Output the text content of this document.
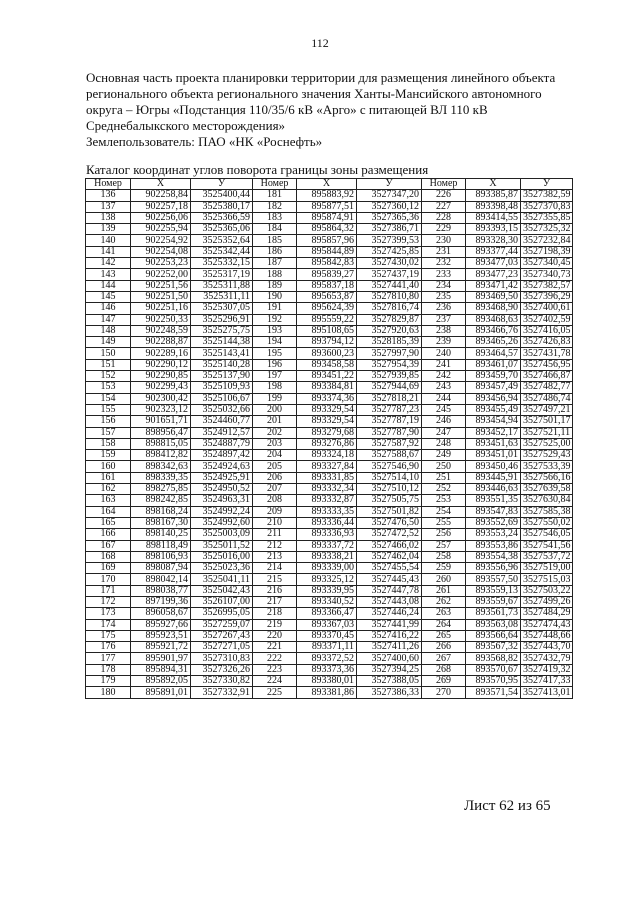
112

Основная часть проекта планировки территории для размещения линейного объекта

регионального объекта регионального значения Ханты-Мансийского автономного

округа – Югры «Подстанция 110/35/6 кВ «Арго» с питающей ВЛ 110 кВ

Среднебалыкского месторождения»

Землепользователь: ПАО «НК «Роснефть»

Каталог координат углов поворота границы зоны размещения
Номер	X	У	Номер	X	У	Номер	X	У
136	902258,84	3525400,44	181	895883,92	3527347,20	226	893385,87	3527382,59
137	902257,18	3525380,17	182	895877,51	3527360,12	227	893398,48	3527370,83
138	902256,06	3525366,59	183	895874,91	3527365,36	228	893414,55	3527355,85
139	902255,94	3525365,06	184	895864,32	3527386,71	229	893393,15	3527325,32
140	902254,92	3525352,64	185	895857,96	3527399,53	230	893328,30	3527232,84
141	902254,08	3525342,44	186	895844,89	3527425,85	231	893377,44	3527198,39
142	902253,23	3525332,15	187	895842,83	3527430,02	232	893477,03	3527340,45
143	902252,00	3525317,19	188	895839,27	3527437,19	233	893477,23	3527340,73
144	902251,56	3525311,88	189	895837,18	3527441,40	234	893471,42	3527382,57
145	902251,50	3525311,11	190	895653,87	3527810,80	235	893469,50	3527396,29
146	902251,16	3525307,05	191	895624,39	3527816,74	236	893468,90	3527400,61
147	902250,33	3525296,91	192	895559,22	3527829,87	237	893468,63	3527402,59
148	902248,59	3525275,75	193	895108,65	3527920,63	238	893466,76	3527416,05
149	902288,87	3525144,38	194	893794,12	3528185,39	239	893465,26	3527426,83
150	902289,16	3525143,41	195	893600,23	3527997,90	240	893464,57	3527431,78
151	902290,12	3525140,28	196	893458,58	3527954,39	241	893461,07	3527456,95
152	902290,85	3525137,90	197	893451,22	3527939,85	242	893459,70	3527466,87
153	902299,43	3525109,93	198	893384,81	3527944,69	243	893457,49	3527482,77
154	902300,42	3525106,67	199	893374,36	3527818,21	244	893456,94	3527486,74
155	902323,12	3525032,66	200	893329,54	3527787,23	245	893455,49	3527497,21
156	901651,71	3524460,77	201	893329,54	3527787,19	246	893454,94	3527501,17
157	898956,47	3524912,57	202	893279,68	3527787,90	247	893452,17	3527521,11
158	898815,05	3524887,79	203	893276,86	3527587,92	248	893451,63	3527525,00
159	898412,82	3524897,42	204	893324,18	3527588,67	249	893451,01	3527529,43
160	898342,63	3524924,63	205	893327,84	3527546,90	250	893450,46	3527533,39
161	898339,35	3524925,91	206	893331,85	3527514,10	251	893445,91	3527566,16
162	898275,85	3524950,52	207	893332,34	3527510,12	252	893446,63	3527639,58
163	898242,85	3524963,31	208	893332,87	3527505,75	253	893551,35	3527630,84
164	898168,24	3524992,24	209	893333,35	3527501,82	254	893547,83	3527585,38
165	898167,30	3524992,60	210	893336,44	3527476,50	255	893552,69	3527550,02
166	898140,25	3525003,09	211	893336,93	3527472,52	256	893553,24	3527546,05
167	898118,49	3525011,52	212	893337,72	3527466,02	257	893553,86	3527541,56
168	898106,93	3525016,00	213	893338,21	3527462,04	258	893554,38	3527537,72
169	898087,94	3525023,36	214	893339,00	3527455,54	259	893556,96	3527519,00
170	898042,14	3525041,11	215	893325,12	3527445,43	260	893557,50	3527515,03
171	898038,77	3525042,43	216	893339,95	3527447,78	261	893559,13	3527503,22
172	897199,36	3526107,00	217	893340,52	3527443,08	262	893559,67	3527499,26
173	896058,67	3526995,05	218	893366,47	3527446,24	263	893561,73	3527484,29
174	895927,66	3527259,07	219	893367,03	3527441,99	264	893563,08	3527474,43
175	895923,51	3527267,43	220	893370,45	3527416,22	265	893566,64	3527448,66
176	895921,72	3527271,05	221	893371,11	3527411,26	266	893567,32	3527443,70
177	895901,97	3527310,83	222	893372,52	3527400,60	267	893568,82	3527432,79
178	895894,31	3527326,26	223	893373,36	3527394,25	268	893570,67	3527419,32
179	895892,05	3527330,82	224	893380,01	3527388,05	269	893570,95	3527417,33
180	895891,01	3527332,91	225	893381,86	3527386,33	270	893571,54	3527413,01
Лист 62 из 65
